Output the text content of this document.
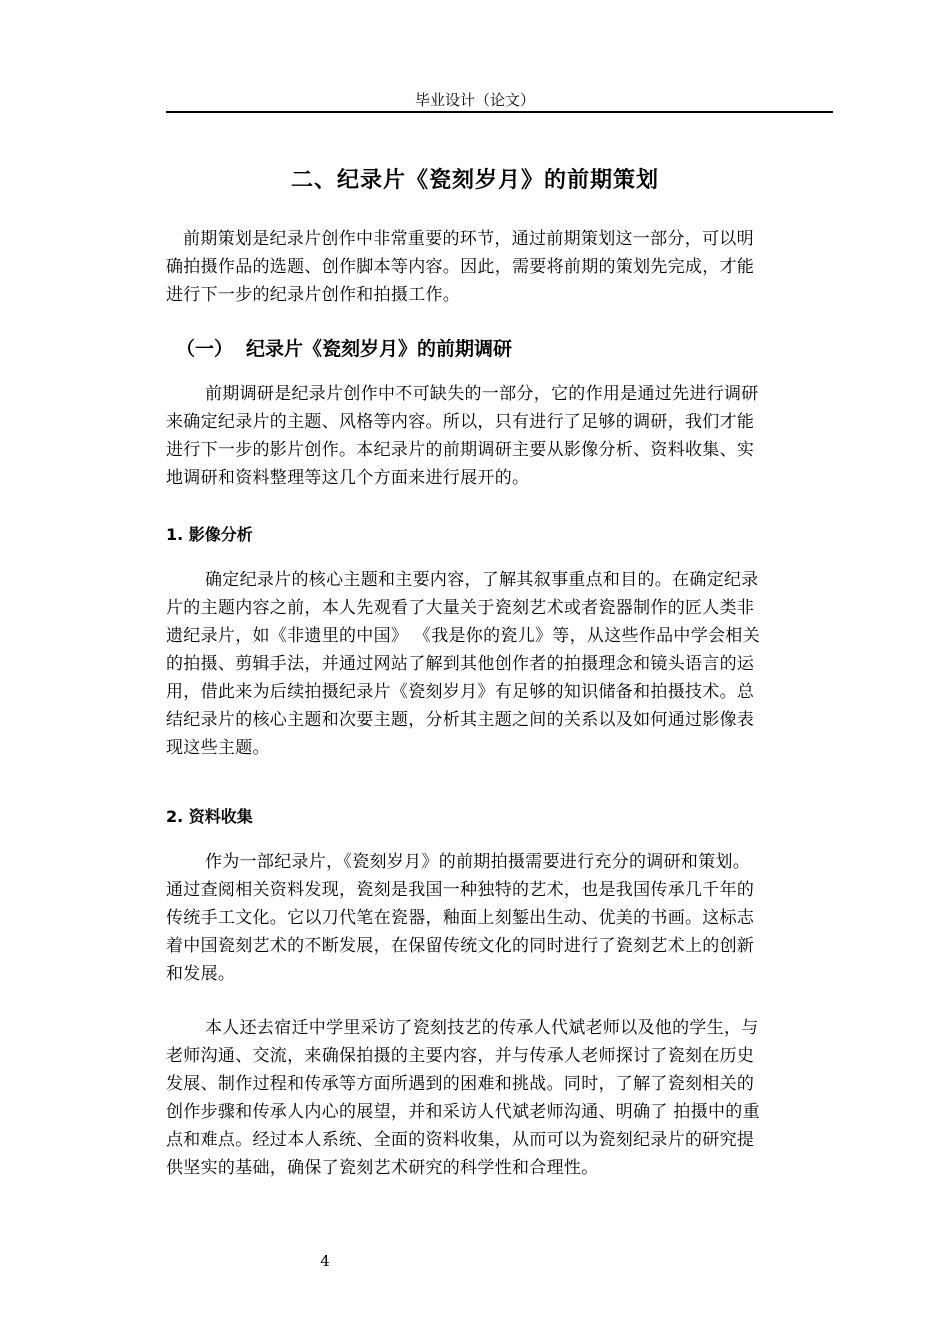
毕业设计（论文）
二、纪录片《瓷刻岁月》的前期策划
前期策划是纪录片创作中非常重要的环节，通过前期策划这一部分，可以明
确拍摄作品的选题、创作脚本等内容。因此，需要将前期的策划先完成，才能
进行下一步的纪录片创作和拍摄工作。
（一） 纪录片《瓷刻岁月》的前期调研
前期调研是纪录片创作中不可缺失的一部分，它的作用是通过先进行调研
来确定纪录片的主题、风格等内容。所以，只有进行了足够的调研，我们才能
进行下一步的影片创作。本纪录片的前期调研主要从影像分析、资料收集、实
地调研和资料整理等这几个方面来进行展开的。
1. 影像分析
确定纪录片的核心主题和主要内容，了解其叙事重点和目的。在确定纪录
片的主题内容之前，本人先观看了大量关于瓷刻艺术或者瓷器制作的匠人类非
遗纪录片，如《非遗里的中国》 《我是你的瓷儿》等，从这些作品中学会相关
的拍摄、剪辑手法，并通过网站了解到其他创作者的拍摄理念和镜头语言的运
用，借此来为后续拍摄纪录片《瓷刻岁月》有足够的知识储备和拍摄技术。总
结纪录片的核心主题和次要主题，分析其主题之间的关系以及如何通过影像表
现这些主题。
2. 资料收集
作为一部纪录片，《瓷刻岁月》的前期拍摄需要进行充分的调研和策划。
通过查阅相关资料发现，瓷刻是我国一种独特的艺术，也是我国传承几千年的
传统手工文化。它以刀代笔在瓷器，釉面上刻錾出生动、优美的书画。这标志
着中国瓷刻艺术的不断发展，在保留传统文化的同时进行了瓷刻艺术上的创新
和发展。
本人还去宿迁中学里采访了瓷刻技艺的传承人代斌老师以及他的学生，与
老师沟通、交流，来确保拍摄的主要内容，并与传承人老师探讨了瓷刻在历史
发展、制作过程和传承等方面所遇到的困难和挑战。同时，了解了瓷刻相关的
创作步骤和传承人内心的展望，并和采访人代斌老师沟通、明确了 拍摄中的重
点和难点。经过本人系统、全面的资料收集，从而可以为瓷刻纪录片的研究提
供坚实的基础，确保了瓷刻艺术研究的科学性和合理性。
4
